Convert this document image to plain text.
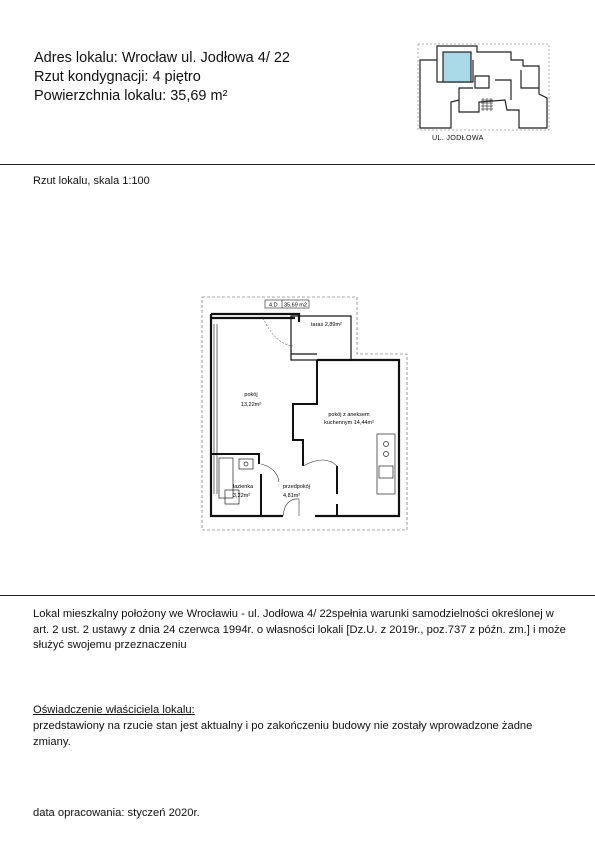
Adres lokalu: Wrocław ul. Jodłowa 4/ 22
Rzut kondygnacji: 4 piętro
Powierzchnia lokalu: 35,69 m²
UL. JODŁOWA
Rzut lokalu, skala 1:100
4.D 35,69 m2
taras 2,89m²
pokój
13,22m²
pokój z aneksem
kuchennym 14,44m²
łazienka
3,22m²
przedpokój
4,81m²
Lokal mieszkalny położony we Wrocławiu - ul. Jodłowa 4/ 22spełnia warunki samodzielności określonej w art. 2 ust. 2 ustawy z dnia 24 czerwca 1994r. o własności lokali [Dz.U. z 2019r., poz.737 z późn. zm.] i może służyć swojemu przeznaczeniu
Oświadczenie właściciela lokalu:
przedstawiony na rzucie stan jest aktualny i po zakończeniu budowy nie zostały wprowadzone żadne zmiany.
data opracowania: styczeń 2020r.
